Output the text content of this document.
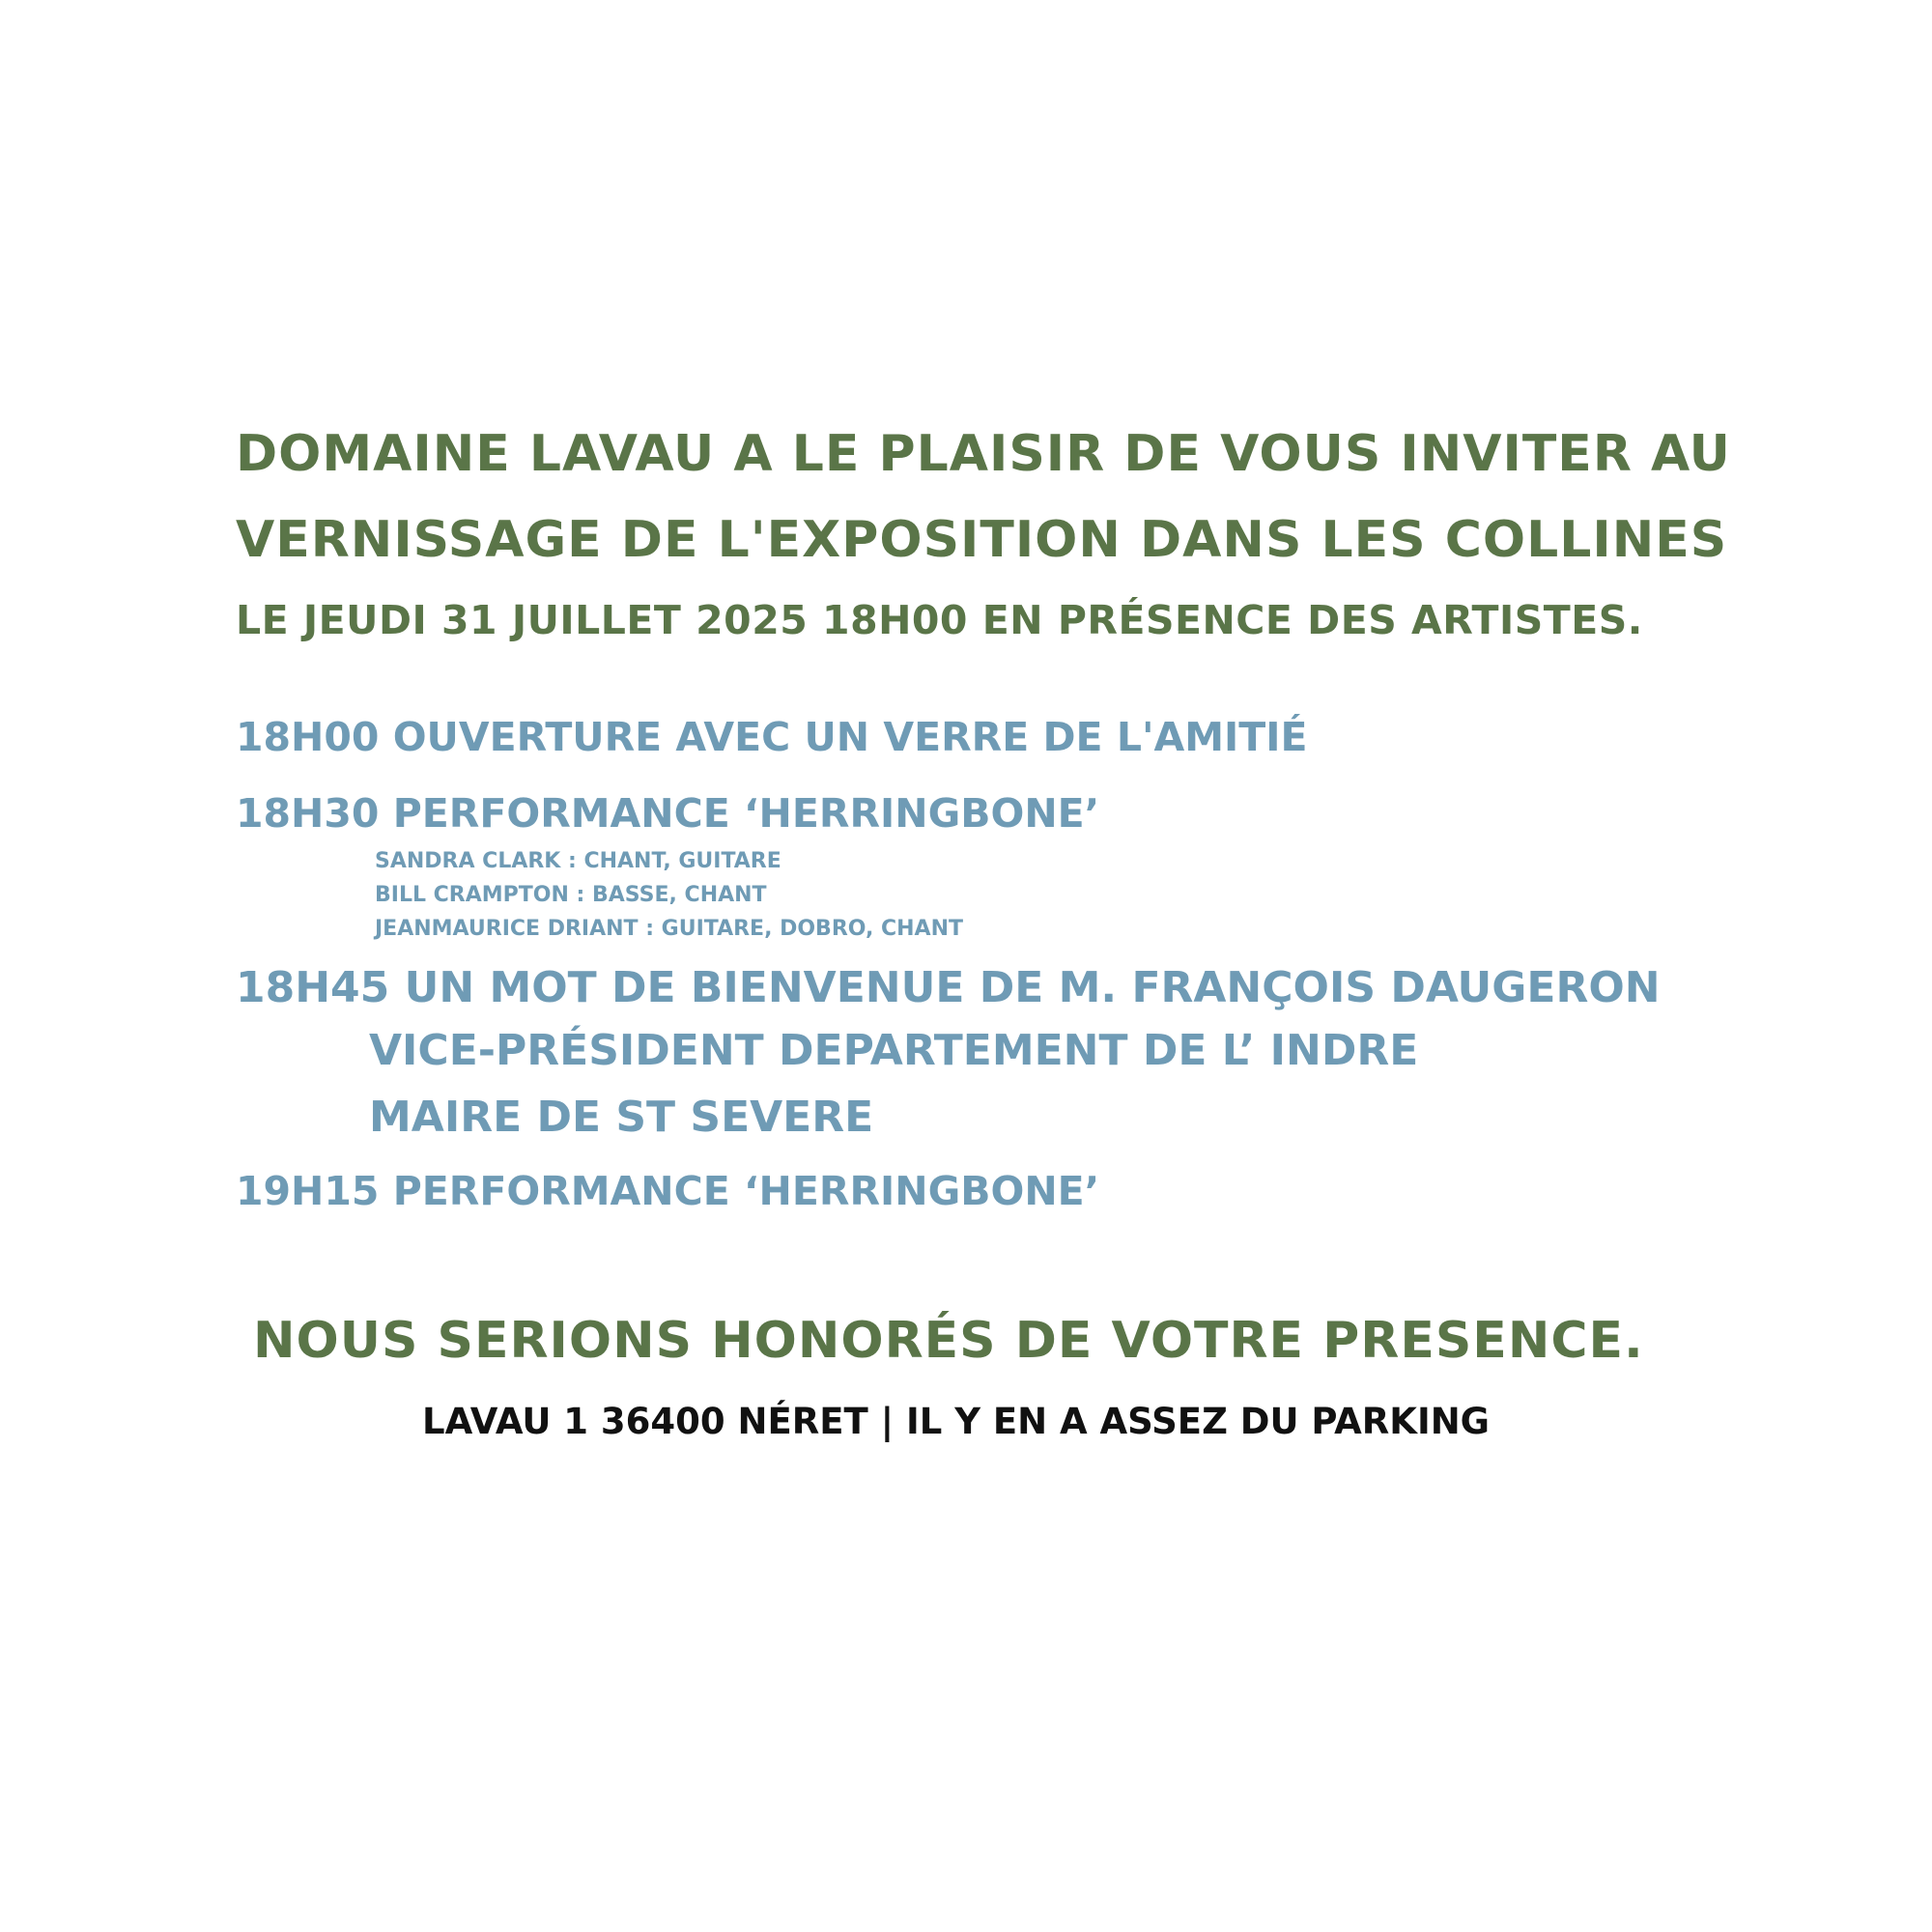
DOMAINE LAVAU A LE PLAISIR DE VOUS INVITER AU
VERNISSAGE DE L'EXPOSITION DANS LES COLLINES
LE JEUDI 31 JUILLET 2025 18H00 EN PRÉSENCE DES ARTISTES.

18H00 OUVERTURE AVEC UN VERRE DE L'AMITIÉ

18H30 PERFORMANCE ‘HERRINGBONE’

SANDRA CLARK : CHANT, GUITARE

BILL CRAMPTON : BASSE, CHANT

JEANMAURICE DRIANT : GUITARE, DOBRO, CHANT

18H45 UN MOT DE BIENVENUE DE M. FRANÇOIS DAUGERON

VICE-PRÉSIDENT DEPARTEMENT DE L’ INDRE

MAIRE DE ST SEVERE

19H15 PERFORMANCE ‘HERRINGBONE’

NOUS SERIONS HONORÉS DE VOTRE PRESENCE.

LAVAU 1 36400 NÉRET | IL Y EN A ASSEZ DU PARKING
